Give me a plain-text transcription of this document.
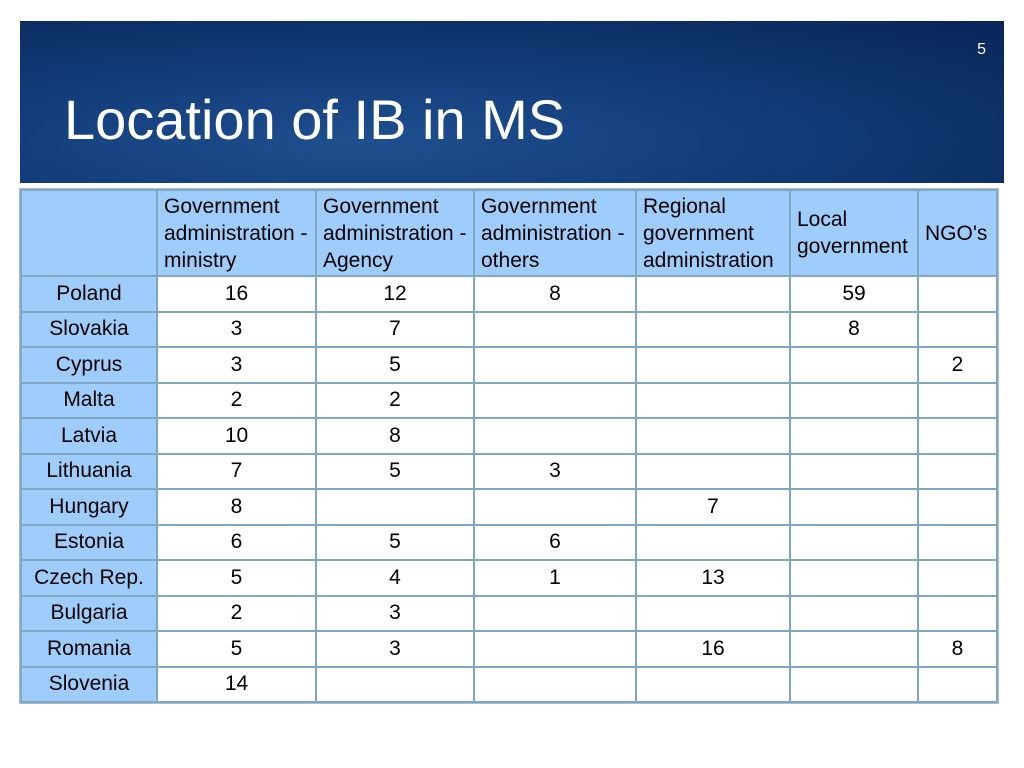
5
Location of IB in MS
	Government administration - ministry	Government administration - Agency	Government administration - others	Regional government administration	Local government	NGO's
Poland	16	12	8		59	
Slovakia	3	7			8	
Cyprus	3	5				2
Malta	2	2				
Latvia	10	8				
Lithuania	7	5	3			
Hungary	8			7		
Estonia	6	5	6			
Czech Rep.	5	4	1	13		
Bulgaria	2	3				
Romania	5	3		16		8
Slovenia	14					
